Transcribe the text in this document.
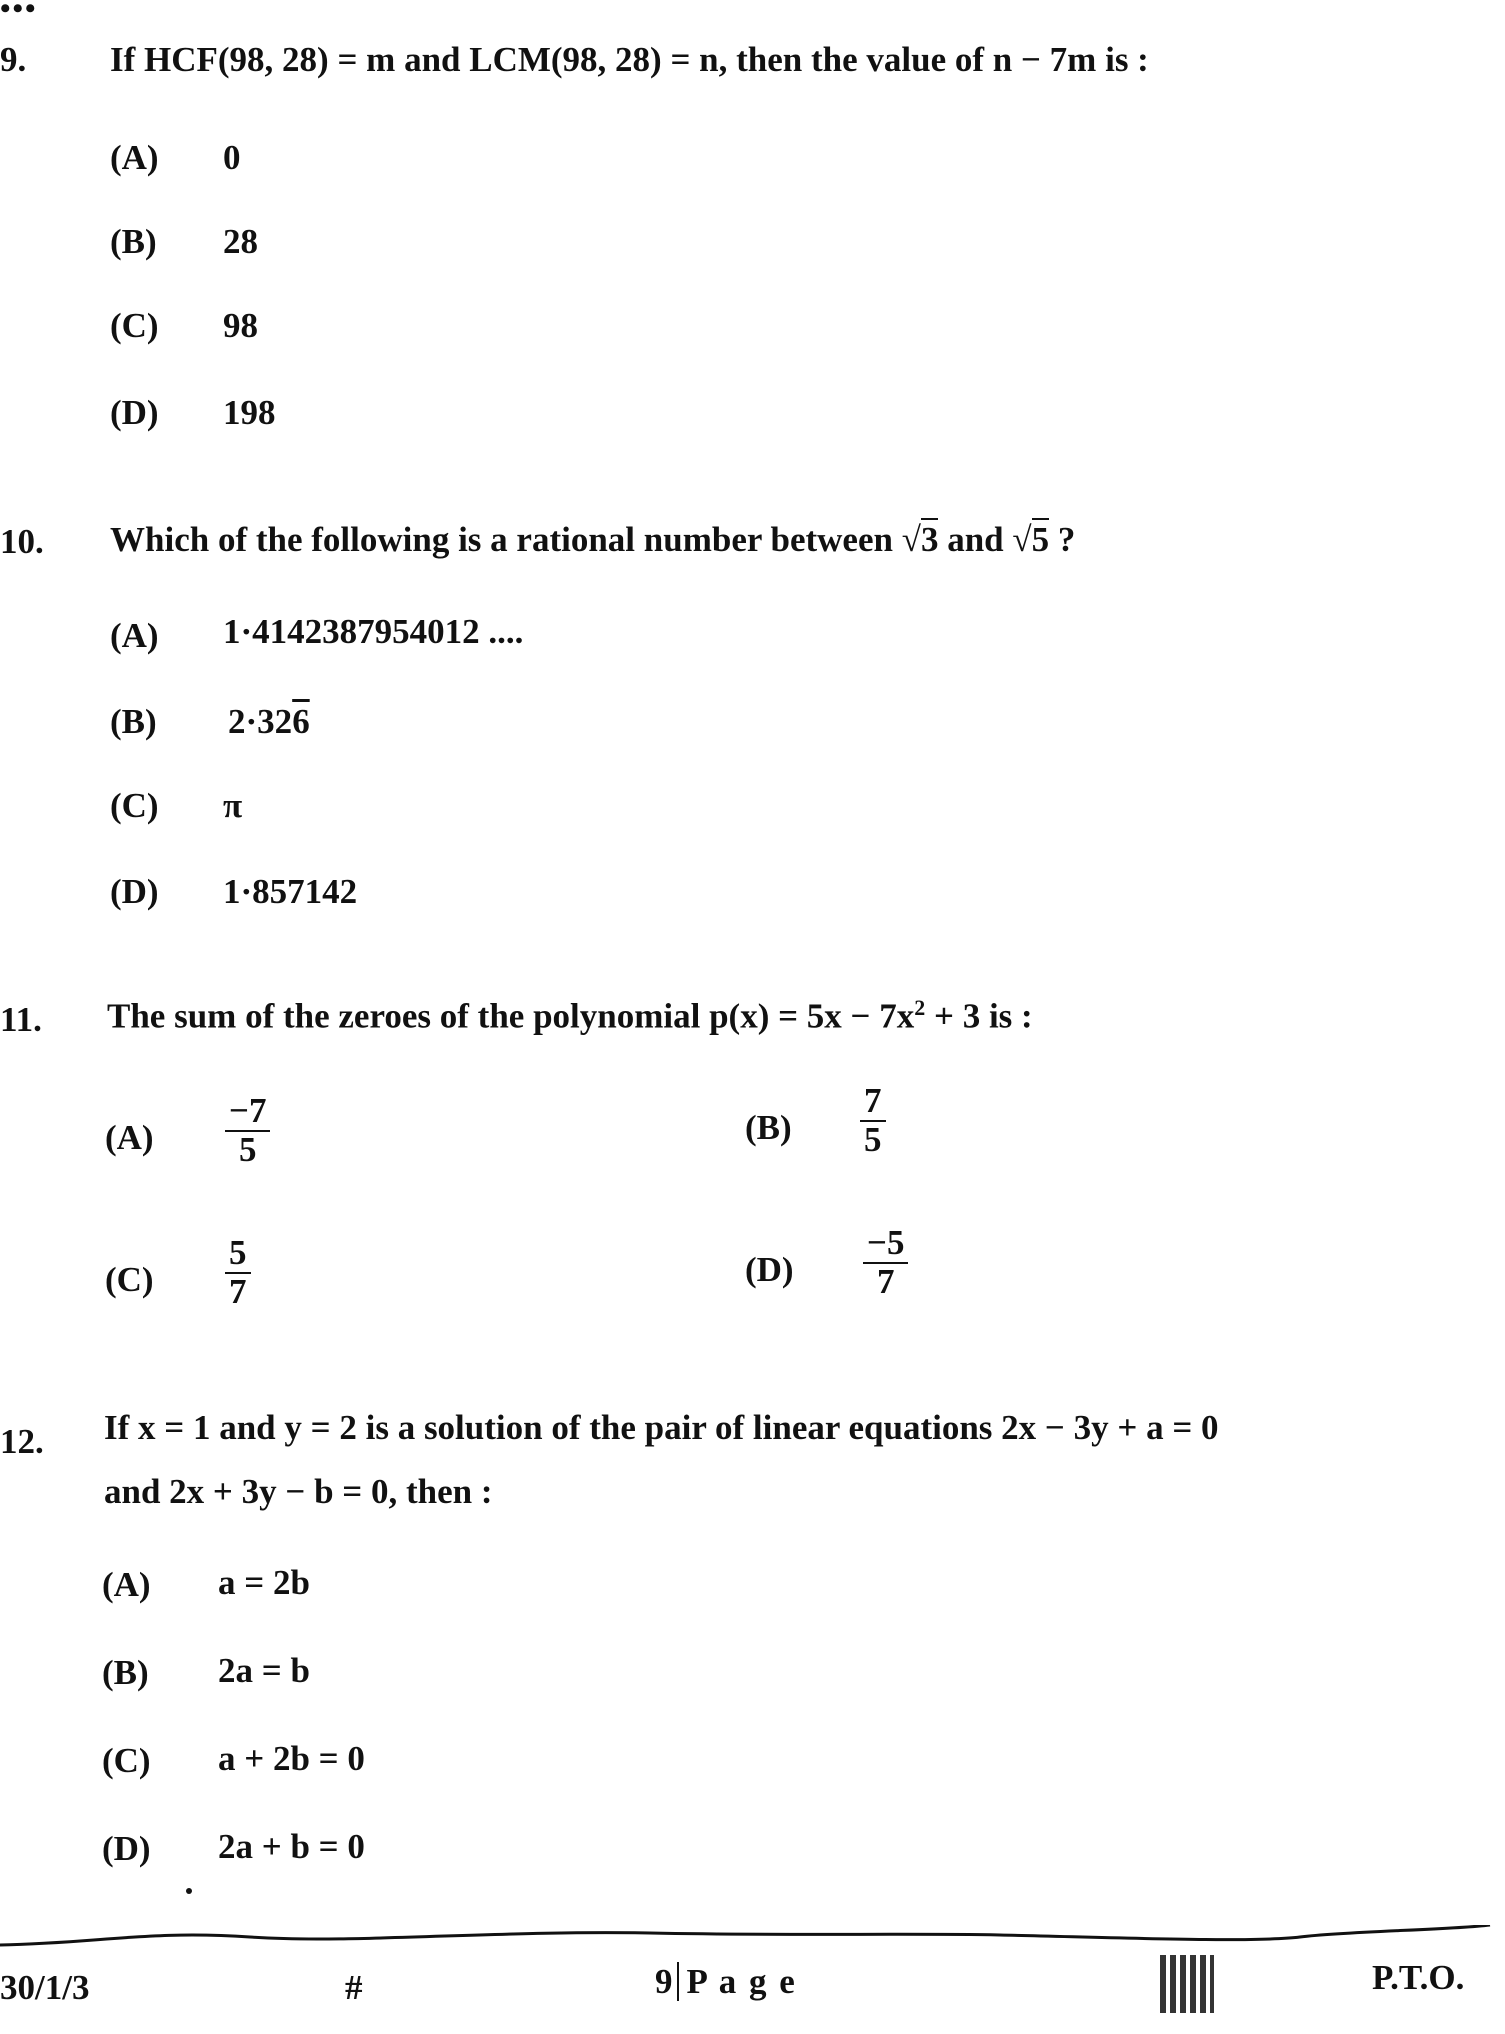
•••
9. If HCF(98, 28) = m and LCM(98, 28) = n, then the value of n − 7m is :
(A) 0
(B) 28
(C) 98
(D) 198
10. Which of the following is a rational number between √3 and √5 ?
(A) 1·4142387954012 ....
(B) 2·326
(C) π
(D) 1·857142
11. The sum of the zeroes of the polynomial $p(x) = 5x - 7x^2 + 3$ is :
$(A) \frac{-7}{5}$	$(B) \frac{7}{5}$
$(C) \frac{5}{7}$	$(D) \frac{-5}{7}$
12. If x = 1 and y = 2 is a solution of the pair of linear equations 2x − 3y + a = 0
and 2x + 3y − b = 0, then :
(A) a = 2b
(B) 2a = b
(C) a + 2b = 0
(D) 2a + b = 0
30/1/3	#	9 P a g e	P.T.O.
